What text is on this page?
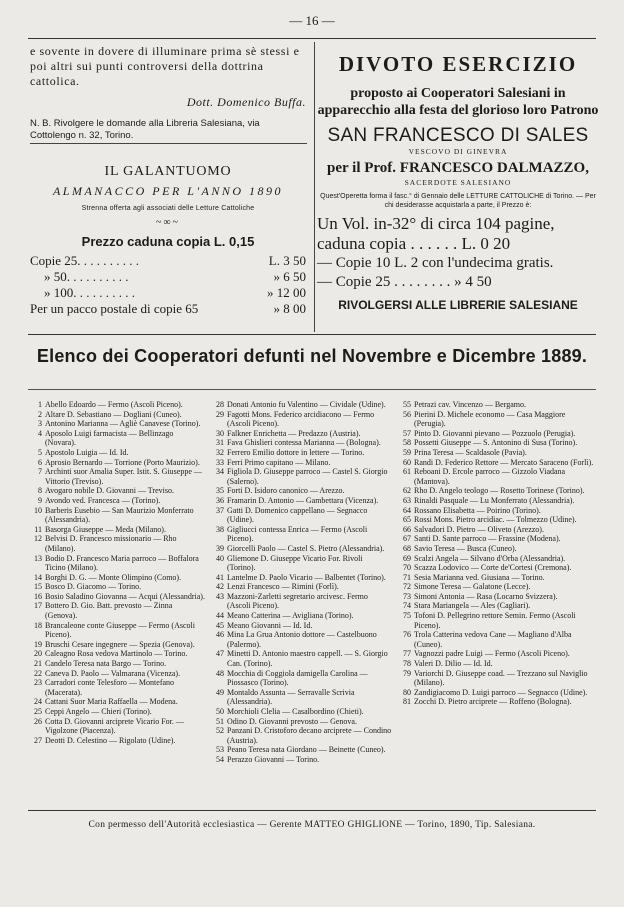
— 16 —
e sovente in dovere di illuminare prima sè stessi e poi altri sui punti controversi della dottrina cattolica.
Dott. Domenico Buffa.
N. B. Rivolgere le domande alla Libreria Salesiana, via Cottolengo n. 32, Torino.
IL GALANTUOMO
ALMANACCO PER L'ANNO 1890
Strenna offerta agli associati delle Letture Cattoliche
~∞~
Prezzo caduna copia L. 0,15
Copie 25. . . . . . . . . .	L. 3 50
» 50. . . . . . . . . .	» 6 50
» 100. . . . . . . . . .	» 12 00
Per un pacco postale di copie 65	» 8 00
DIVOTO ESERCIZIO
proposto ai Cooperatori Salesiani in apparecchio alla festa del glorioso loro Patrono
SAN FRANCESCO DI SALES
VESCOVO DI GINEVRA
per il Prof. FRANCESCO DALMAZZO,
SACERDOTE SALESIANO
Quest'Operetta forma il fasc.° di Gennaio delle LETTURE CATTOLICHE di Torino. — Per chi desiderasse acquistarla a parte, il Prezzo è:
Un Vol. in-32° di circa 104 pagine, caduna copia . . . . . . L. 0 20
— Copie 10 L. 2 con l'undecima gratis.
— Copie 25 . . . . . . . . » 4 50
RIVOLGERSI ALLE LIBRERIE SALESIANE
Elenco dei Cooperatori defunti nel Novembre e Dicembre 1889.
1 Abello Edoardo — Fermo (Ascoli Piceno).
2 Altare D. Sebastiano — Dogliani (Cuneo).
3 Antonino Marianna — Agliè Canavese (Torino).
4 Aposolo Luigi farmacista — Bellinzago (Novara).
5 Apostolo Luigia — Id. Id.
6 Aprosio Bernardo — Torrione (Porto Maurizio).
7 Archinti suor Amalia Super. Istit. S. Giuseppe — Vittorio (Treviso).
8 Avogaro nobile D. Giovanni — Treviso.
9 Avondo ved. Francesca — (Torino).
10 Barberis Eusebio — San Maurizio Monferrato (Alessandria).
11 Basorga Giuseppe — Meda (Milano).
12 Belvisi D. Francesco missionario — Rho (Milano).
13 Bodio D. Francesco Maria parroco — Boffalora Ticino (Milano).
14 Borghi D. G. — Monte Olimpino (Como).
15 Bosco D. Giacomo — Torino.
16 Bosio Saladino Giovanna — Acqui (Alessandria).
17 Bottero D. Gio. Batt. prevosto — Zinna (Genova).
18 Brancaleone conte Giuseppe — Fermo (Ascoli Piceno).
19 Bruschi Cesare ingegnere — Spezia (Genova).
20 Caleagno Rosa vedova Martinolo — Torino.
21 Candelo Teresa nata Bargo — Torino.
22 Caneva D. Paolo — Valmarana (Vicenza).
23 Carradori conte Telesforo — Montefano (Macerata).
24 Cattani Suor Maria Raffaella — Modena.
25 Ceppi Angelo — Chieri (Torino).
26 Cotta D. Giovanni arciprete Vicario For. — Vigolzone (Piacenza).
27 Deotti D. Celestino — Rigolato (Udine).
28 Donati Antonio fu Valentino — Cividale (Udine).
29 Fagotti Mons. Federico arcidiacono — Fermo (Ascoli Piceno).
30 Falkner Enrichetta — Predazzo (Austria).
31 Fava Ghislieri contessa Marianna — (Bologna).
32 Ferrero Emilio dottore in lettere — Torino.
33 Ferri Primo capitano — Milano.
34 Figliola D. Giuseppe parroco — Castel S. Giorgio (Salerno).
35 Forti D. Isidoro canonico — Arezzo.
36 Framarin D. Antonio — Gambettara (Vicenza).
37 Gatti D. Domenico cappellano — Segnacco (Udine).
38 Gigliucci contessa Enrica — Fermo (Ascoli Piceno).
39 Giorcelli Paolo — Castel S. Pietro (Alessandria).
40 Gliemone D. Giuseppe Vicario For. Rivoli (Torino).
41 Lantelme D. Paolo Vicario — Balbentet (Torino).
42 Lenzi Francesco — Rimini (Forlì).
43 Mazzoni-Zarletti segretario arcivesc. Fermo (Ascoli Piceno).
44 Meano Catterina — Avigliana (Torino).
45 Meano Giovanni — Id. Id.
46 Mina La Grua Antonio dottore — Castelbuono (Palermo).
47 Minetti D. Antonio maestro cappell. — S. Giorgio Can. (Torino).
48 Mocchia di Coggiola damigella Carolina — Piossasco (Torino).
49 Montaldo Assunta — Serravalle Scrivia (Alessandria).
50 Morchioli Clelia — Casalbordino (Chieti).
51 Odino D. Giovanni prevosto — Genova.
52 Panzani D. Cristoforo decano arciprete — Condino (Austria).
53 Peano Teresa nata Giordano — Beinette (Cuneo).
54 Perazzo Giovanni — Torino.
55 Petrazi cav. Vincenzo — Bergamo.
56 Pierini D. Michele economo — Casa Maggiore (Perugia).
57 Pinto D. Giovanni pievano — Pozzuolo (Perugia).
58 Possetti Giuseppe — S. Antonino di Susa (Torino).
59 Prina Teresa — Scaldasole (Pavia).
60 Randi D. Federico Rettore — Mercato Saraceno (Forlì).
61 Reboani D. Ercole parroco — Gizzolo Viadana (Mantova).
62 Rho D. Angelo teologo — Rosetto Torinese (Torino).
63 Rinaldi Pasquale — Lu Monferrato (Alessandria).
64 Rossano Elisabetta — Poirino (Torino).
65 Rossi Mons. Pietro arcidiac. — Tolmezzo (Udine).
66 Salvadori D. Pietro — Oliveto (Arezzo).
67 Santi D. Sante parroco — Frassine (Modena).
68 Savio Teresa — Busca (Cuneo).
69 Scalzi Angela — Silvano d'Orba (Alessandria).
70 Scazza Lodovico — Corte de'Cortesi (Cremona).
71 Sesia Marianna ved. Giusiana — Torino.
72 Simone Teresa — Galatone (Lecce).
73 Simoni Antonia — Rasa (Locarno Svizzera).
74 Stara Mariangela — Ales (Cagliari).
75 Tofoni D. Pellegrino rettore Semin. Fermo (Ascoli Piceno).
76 Trola Catterina vedova Cane — Magliano d'Alba (Cuneo).
77 Vagnozzi padre Luigi — Fermo (Ascoli Piceno).
78 Valeri D. Dilio — Id. Id.
79 Variorchi D. Giuseppe coad. — Trezzano sul Naviglio (Milano).
80 Zandigiacomo D. Luigi parroco — Segnacco (Udine).
81 Zocchi D. Pietro arciprete — Roffeno (Bologna).
Con permesso dell'Autorità ecclesiastica — Gerente MATTEO GHIGLIONE — Torino, 1890, Tip. Salesiana.
